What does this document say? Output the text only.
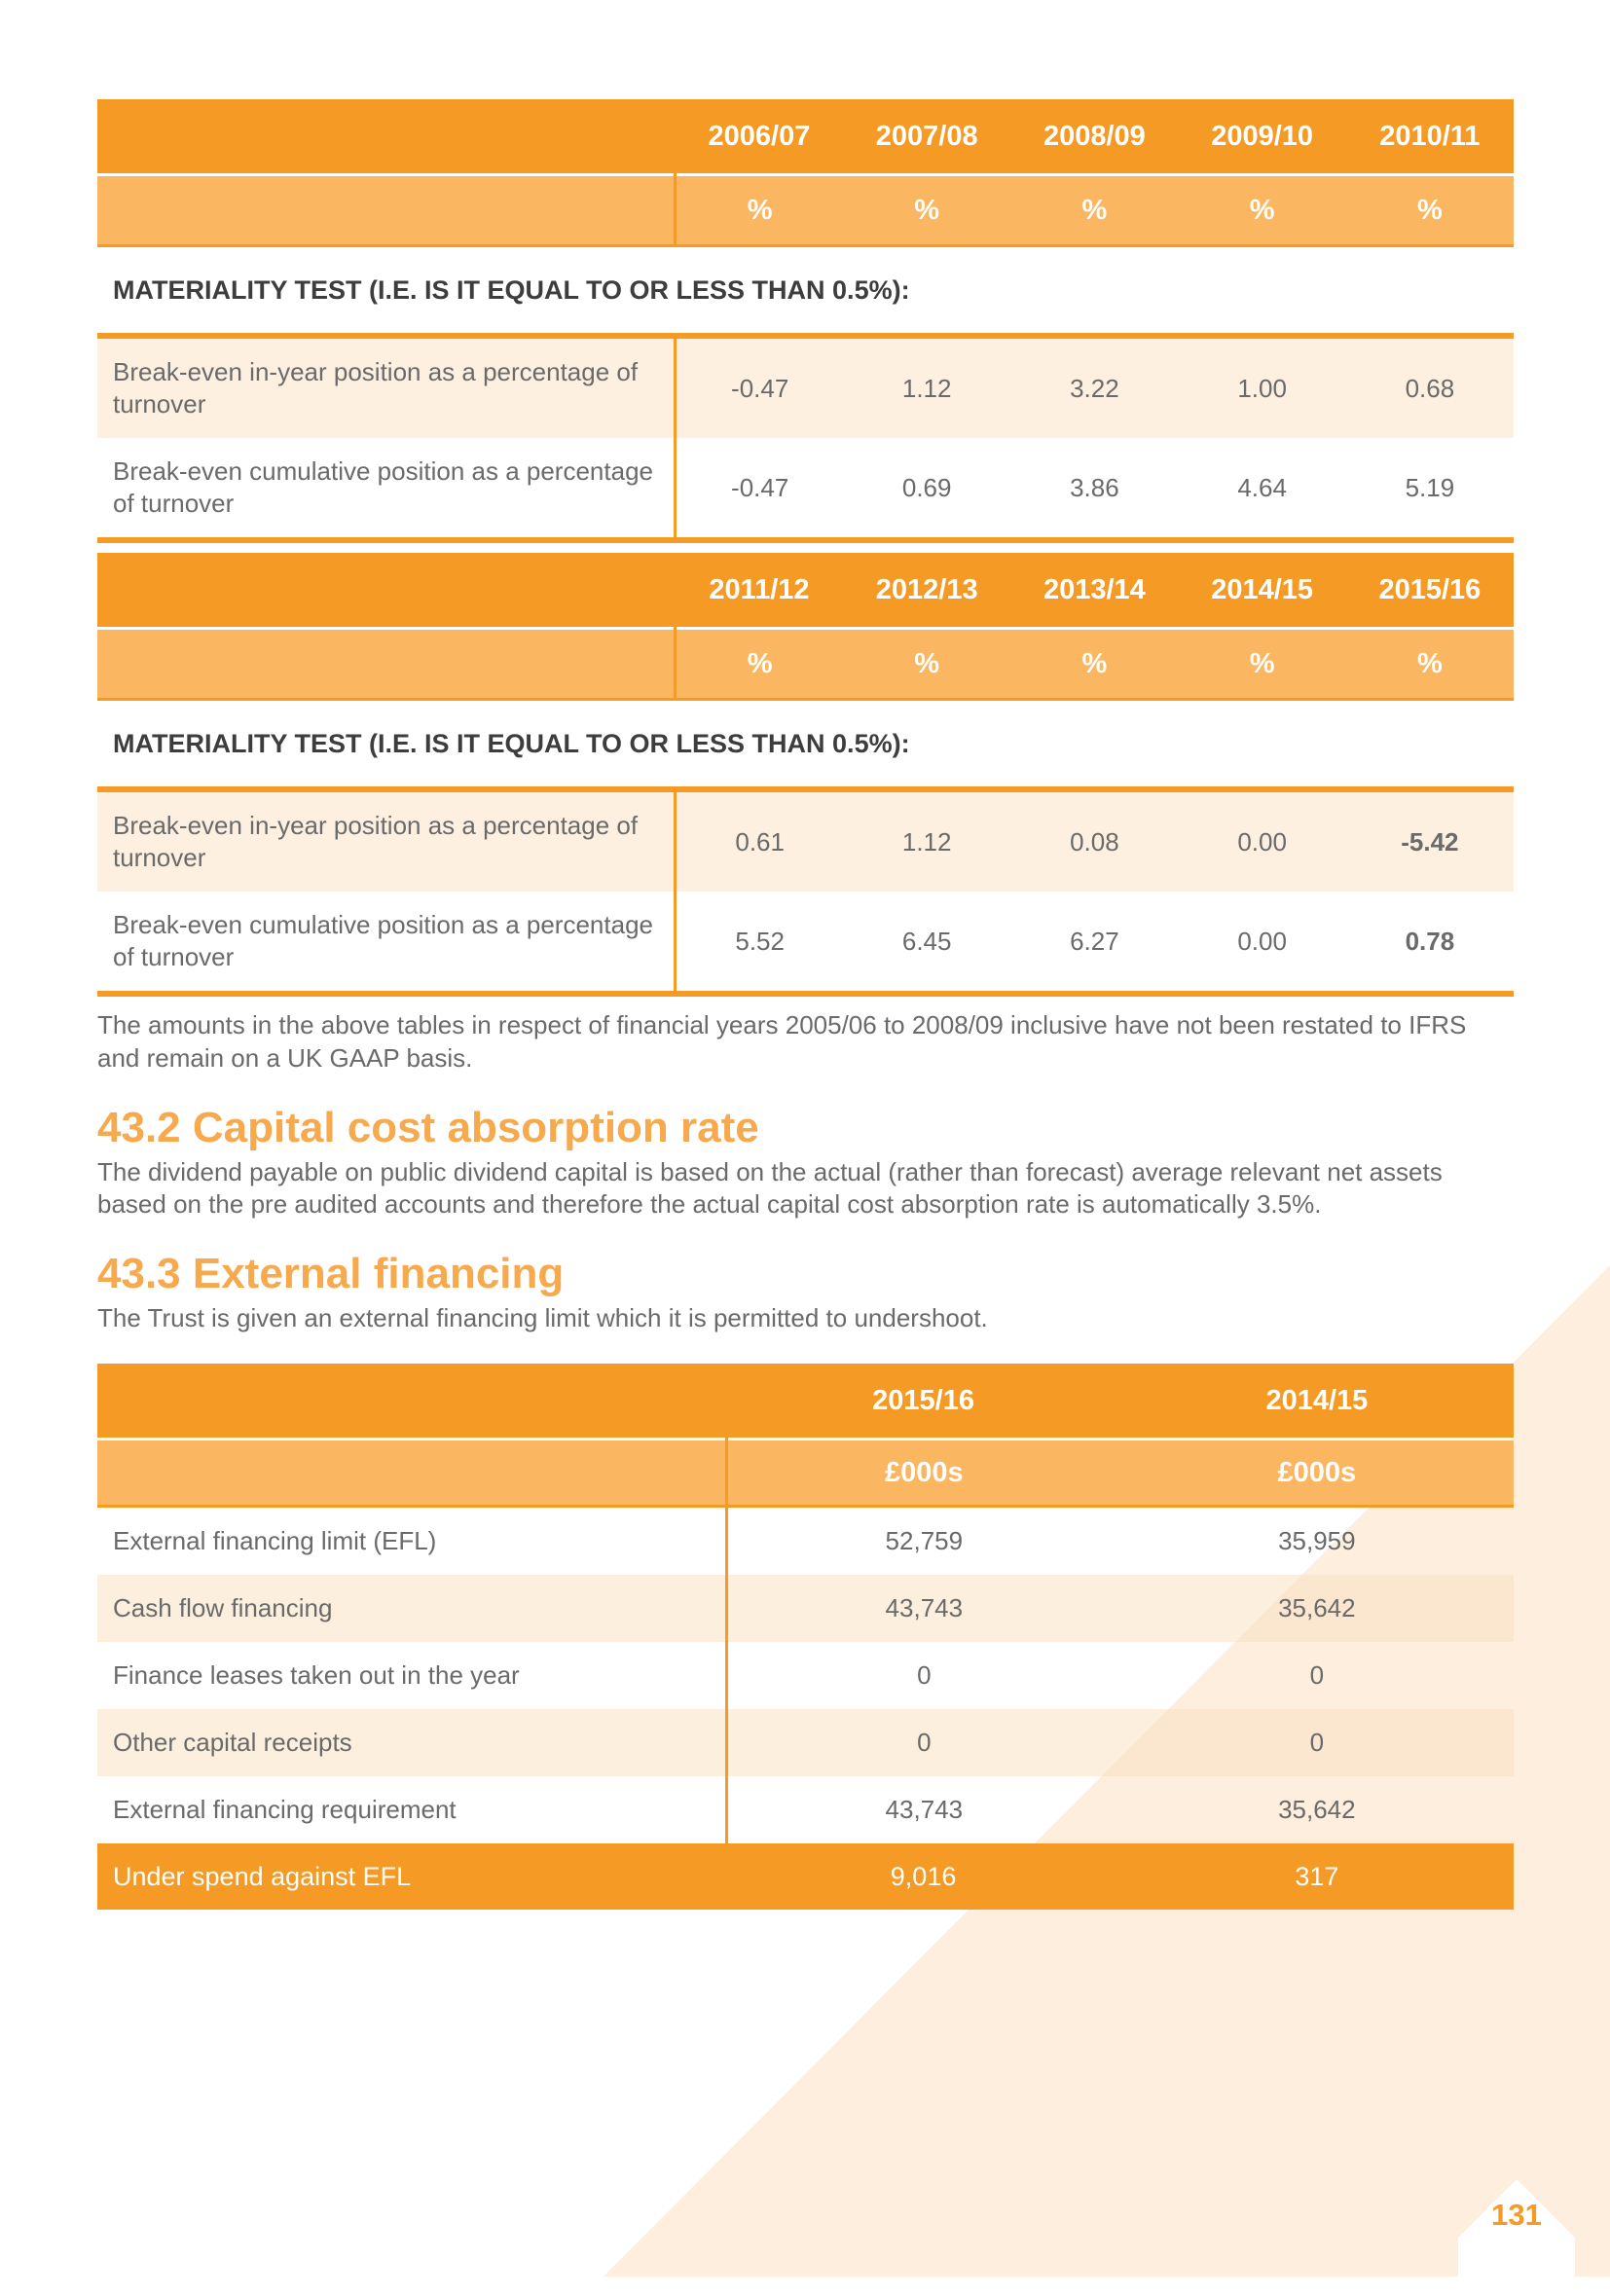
	2006/07	2007/08	2008/09	2009/10	2010/11
	%	%	%	%	%
MATERIALITY TEST (I.E. IS IT EQUAL TO OR LESS THAN 0.5%):					
Break-even in-year position as a percentage of turnover	-0.47	1.12	3.22	1.00	0.68
Break-even cumulative position as a percentage of turnover	-0.47	0.69	3.86	4.64	5.19
	2011/12	2012/13	2013/14	2014/15	2015/16
	%	%	%	%	%
MATERIALITY TEST (I.E. IS IT EQUAL TO OR LESS THAN 0.5%):					
Break-even in-year position as a percentage of turnover	0.61	1.12	0.08	0.00	-5.42
Break-even cumulative position as a percentage of turnover	5.52	6.45	6.27	0.00	0.78

The amounts in the above tables in respect of financial years 2005/06 to 2008/09 inclusive have not been restated to IFRS and remain on a UK GAAP basis.

43.2 Capital cost absorption rate

The dividend payable on public dividend capital is based on the actual (rather than forecast) average relevant net assets based on the pre audited accounts and therefore the actual capital cost absorption rate is automatically 3.5%.

43.3 External financing

The Trust is given an external financing limit which it is permitted to undershoot.

	2015/16	2014/15
	£000s	£000s
External financing limit (EFL)	52,759	35,959
Cash flow financing	43,743	35,642
Finance leases taken out in the year	0	0
Other capital receipts	0	0
External financing requirement	43,743	35,642
Under spend against EFL	9,016	317
131
